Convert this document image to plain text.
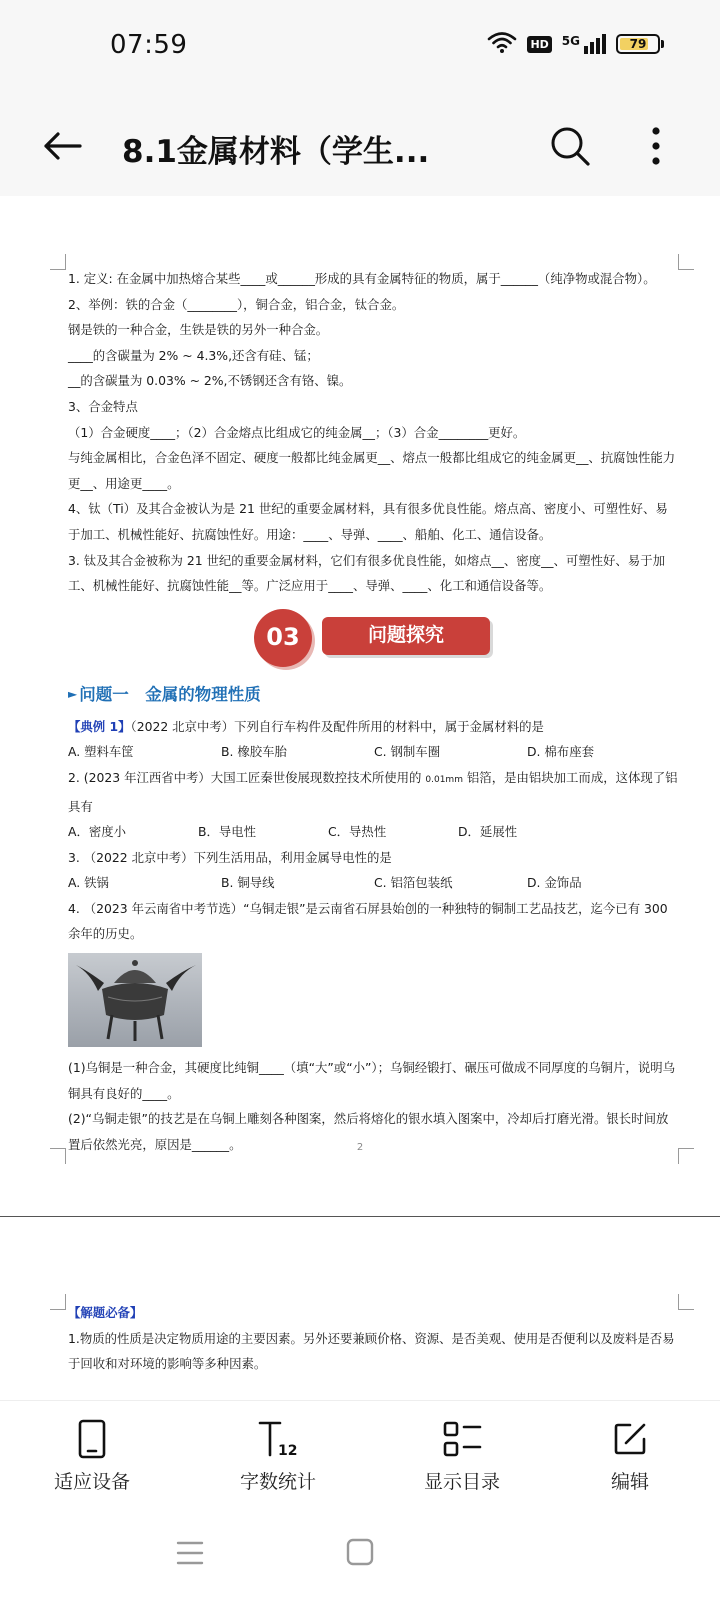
07:59	HD 5G	79
8.1金属材料（学生...

1. 定义: 在金属中加热熔合某些____或______形成的具有金属特征的物质，属于______（纯净物或混合物）。

2、举例：铁的合金（________），铜合金，铝合金，钛合金。

钢是铁的一种合金，生铁是铁的另外一种合金。

____的含碳量为 2% ~ 4.3%,还含有硅、锰；

__的含碳量为 0.03% ~ 2%,不锈钢还含有铬、镍。

3、合金特点

（1）合金硬度____；（2）合金熔点比组成它的纯金属__；（3）合金________更好。

与纯金属相比，合金色泽不固定、硬度一般都比纯金属更__、熔点一般都比组成它的纯金属更__、抗腐蚀性能力更__、用途更____。

4、钛（Ti）及其合金被认为是 21 世纪的重要金属材料，具有很多优良性能。熔点高、密度小、可塑性好、易于加工、机械性能好、抗腐蚀性好。用途：____、导弹、____、船舶、化工、通信设备。

3. 钛及其合金被称为 21 世纪的重要金属材料，它们有很多优良性能，如熔点__、密度__、可塑性好、易于加工、机械性能好、抗腐蚀性能__等。广泛应用于____、导弹、____、化工和通信设备等。

03	问题探究
► 问题一　金属的物理性质

【典例 1】（2022 北京中考）下列自行车构件及配件所用的材料中，属于金属材料的是

A. 塑料车筐	B. 橡胶车胎	C. 钢制车圈	D. 棉布座套

2. (2023 年江西省中考）大国工匠秦世俊展现数控技术所使用的 0.01mm 铝箔，是由铝块加工而成，这体现了铝具有

A．密度小	B．导电性	C．导热性	D．延展性

3. （2022 北京中考）下列生活用品，利用金属导电性的是

A. 铁锅	B. 铜导线	C. 铝箔包装纸	D. 金饰品

4. （2023 年云南省中考节选）“乌铜走银”是云南省石屏县始创的一种独特的铜制工艺品技艺，迄今已有 300 余年的历史。

(1)乌铜是一种合金，其硬度比纯铜____（填“大”或“小”）；乌铜经锻打、碾压可做成不同厚度的乌铜片，说明乌铜具有良好的____。

(2)“乌铜走银”的技艺是在乌铜上雕刻各种图案，然后将熔化的银水填入图案中，冷却后打磨光滑。银长时间放置后依然光亮，原因是______。	2

【解题必备】

1.物质的性质是决定物质用途的主要因素。另外还要兼顾价格、资源、是否美观、使用是否便利以及废料是否易于回收和对环境的影响等多种因素。

适应设备
12
字数统计	显示目录	编辑
